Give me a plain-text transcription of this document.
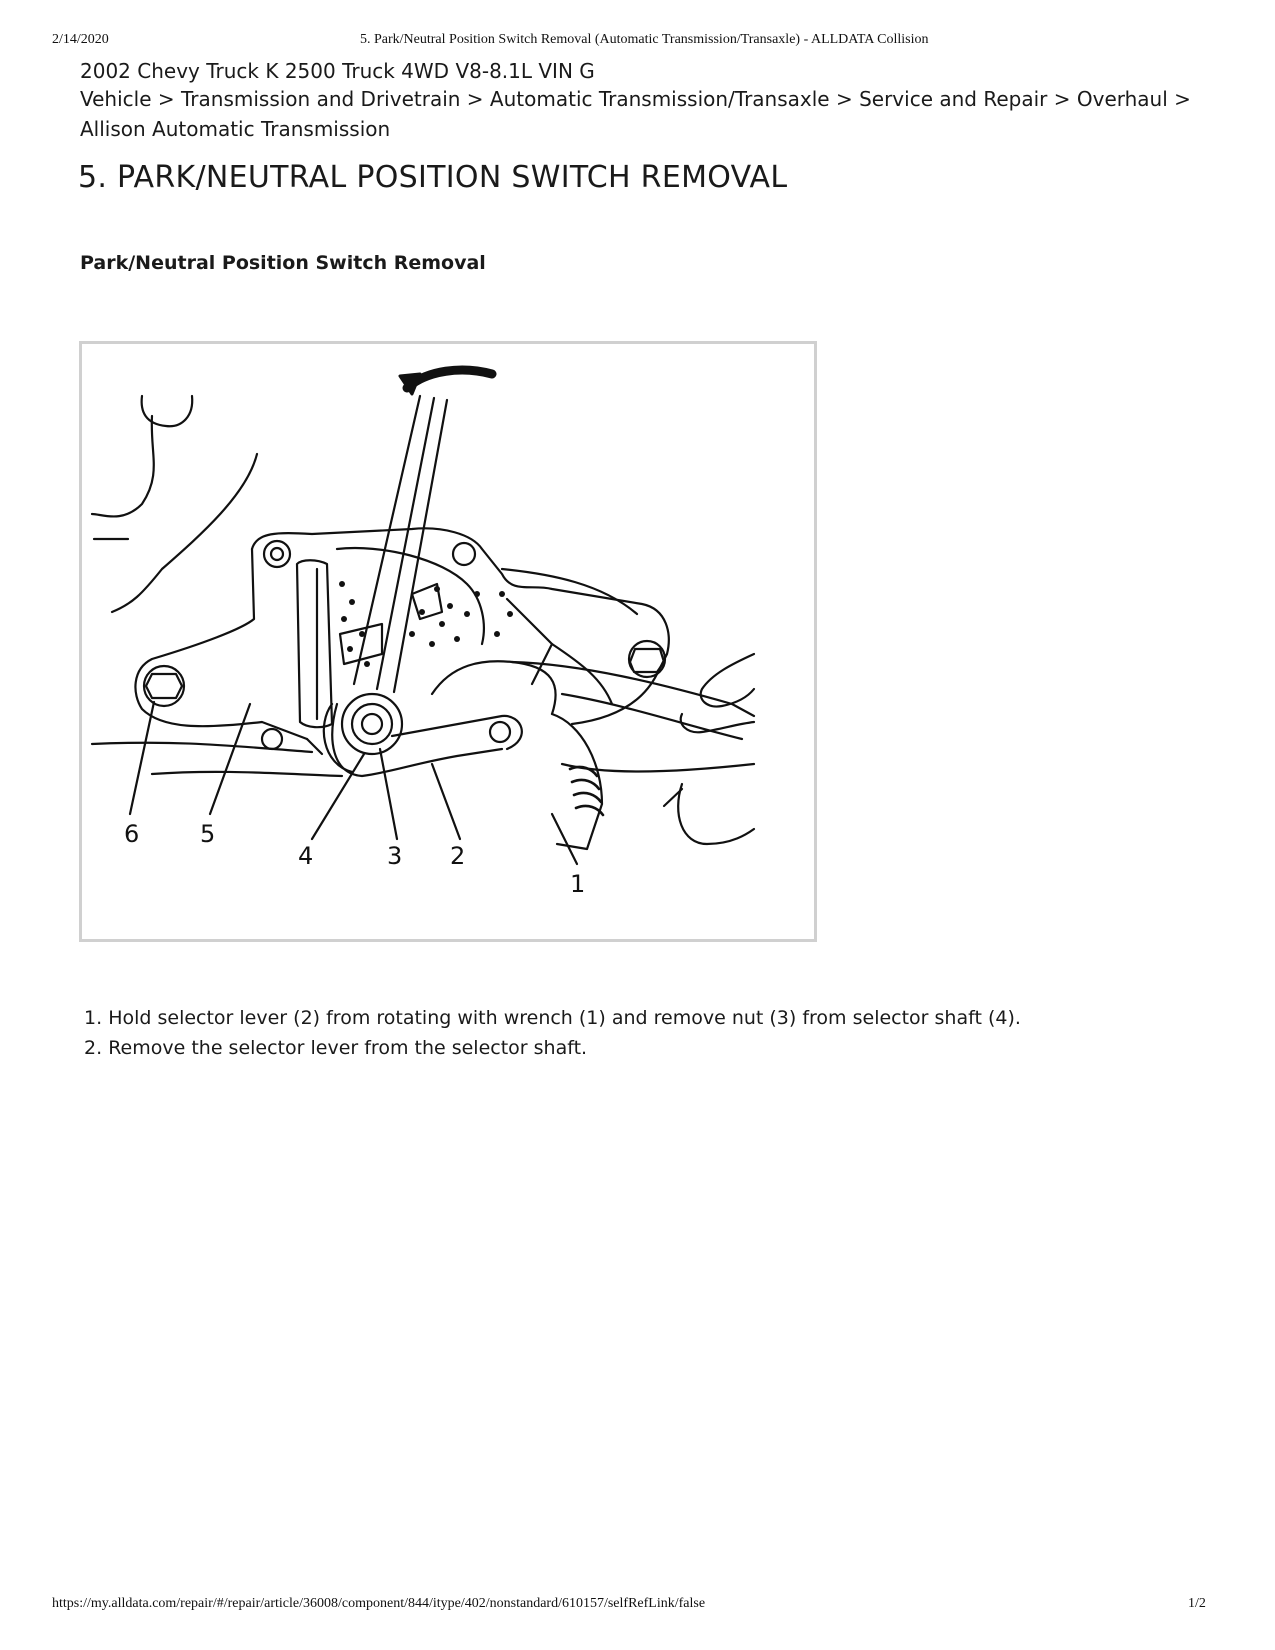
2/14/2020	5. Park/Neutral Position Switch Removal (Automatic Transmission/Transaxle) - ALLDATA Collision
2002 Chevy Truck K 2500 Truck 4WD V8-8.1L VIN G
Vehicle > Transmission and Drivetrain > Automatic Transmission/Transaxle > Service and Repair > Overhaul > Allison Automatic Transmission
5. PARK/NEUTRAL POSITION SWITCH REMOVAL
Park/Neutral Position Switch Removal
6	5
4	3 2
1
1. Hold selector lever (2) from rotating with wrench (1) and remove nut (3) from selector shaft (4).
2. Remove the selector lever from the selector shaft.
https://my.alldata.com/repair/#/repair/article/36008/component/844/itype/402/nonstandard/610157/selfRefLink/false	1/2
